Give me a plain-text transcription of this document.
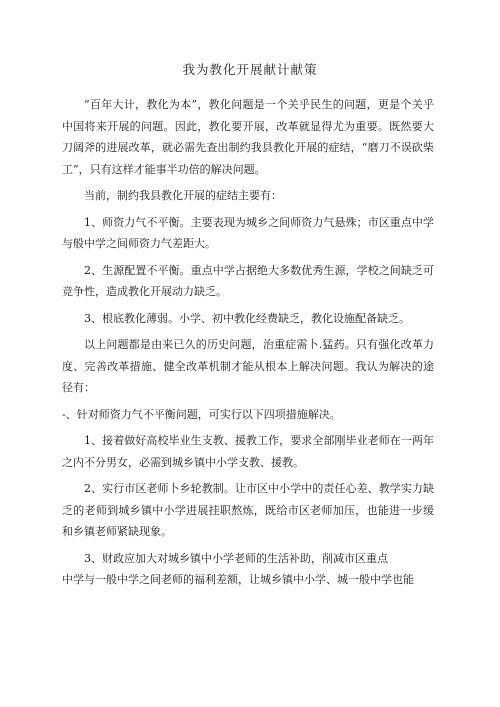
我为教化开展献计献策

“百年大计，教化为本”，教化问题是一个关乎民生的问题，更是个关乎中国将来开展的问题。因此，教化要开展，改革就显得尤为重要。既然要大刀阔斧的进展改革，就必需先查出制约我县教化开展的症结，“磨刀不误砍柴工”，只有这样才能事半功倍的解决问题。

当前，制约我县教化开展的症结主要有：

1、师资力气不平衡。主要表现为城乡之间师资力气悬殊；市区重点中学与般中学之间师资力气差距大。

2、生源配置不平衡。重点中学占据绝大多数优秀生源，学校之间缺乏可竞争性，造成教化开展动力缺乏。

3、根底教化薄弱。小学、初中教化经费缺乏，教化设施配备缺乏。

以上问题都是由来已久的历史问题，治重症需卜.猛药。只有强化改革力度、完善改革措施、健全改革机制才能从根本上解决问题。我认为解决的途径有：

-、针对师资力气不平衡问题，可实行以下四项措施解决。

1、接着做好高校毕业生支教、援教工作，要求全部刚毕业老师在一两年之内不分男女，必需到城乡镇中小学支教、援教。

2、实行市区老师卜乡轮教制。让市区中小学中的责任心差、教学实力缺乏的老师到城乡镇中小学进展挂职熬炼，既给市区老师加压，也能进一步缓和乡镇老师紧缺现象。

3、财政应加大对城乡镇中小学老师的生活补助，削减市区重点

中学与一般中学之间老师的福利差额，让城乡镇中小学、城一般中学也能
